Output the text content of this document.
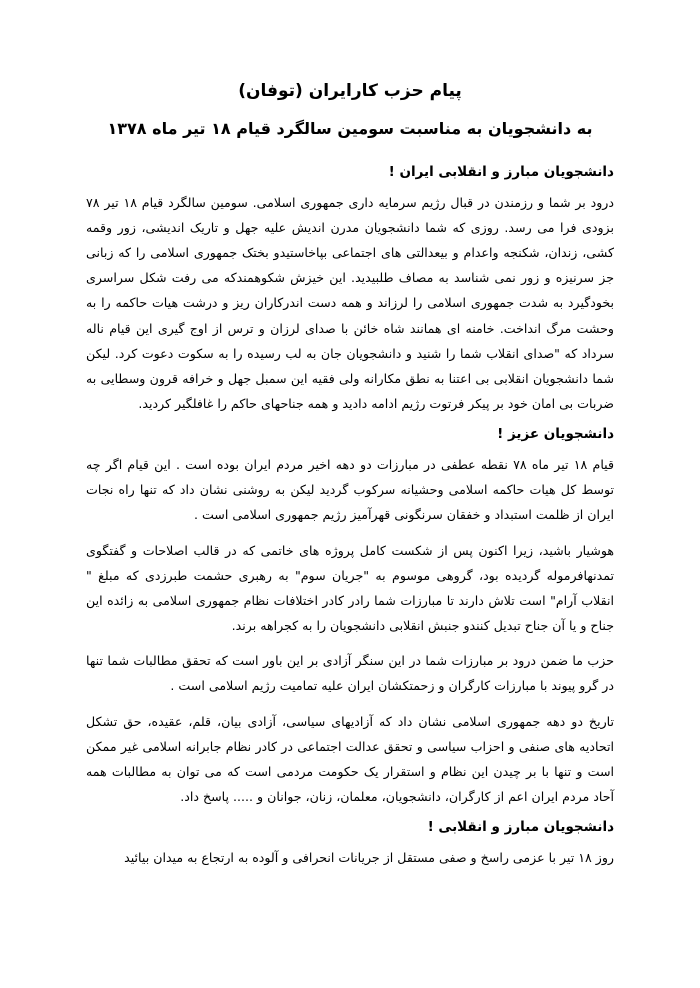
پیام حزب کارایران (توفان)
به دانشجویان به مناسبت سومین سالگرد قیام ۱۸ تیر ماه ۱۳۷۸
دانشجویان مبارز و انقلابی ایران !

درود بر شما و رزمندن در قبال رژیم سرمایه داری جمهوری اسلامی. سومین سالگرد قیام ۱۸ تیر ۷۸ بزودی فرا می رسد. روزی که شما دانشجویان مدرن اندیش علیه جهل و تاریک اندیشی، زور وقمه کشی، زندان، شکنجه واعدام و بیعدالتی های اجتماعی بپاخاستیدو بختک جمهوری اسلامی را که زبانی جز سرنیزه و زور نمی شناسد به مصاف طلبیدید. این خیزش شکوهمندکه می رفت شکل سراسری بخودگیرد به شدت جمهوری اسلامی را لرزاند و همه دست اندرکاران ریز و درشت هیات حاکمه را به وحشت مرگ انداخت. خامنه ای همانند شاه خائن با صدای لرزان و ترس از اوج گیری این قیام ناله سرداد که "صدای انقلاب شما را شنید و دانشجویان جان به لب رسیده را به سکوت دعوت کرد. لیکن شما دانشجویان انقلابی بی اعتنا به نطق مکارانه ولی فقیه این سمبل جهل و خرافه قرون وسطایی به ضربات بی امان خود بر پیکر فرتوت رژیم ادامه دادید و همه جناحهای حاکم را غافلگیر کردید.

دانشجویان عزیز !

قیام ۱۸ تیر ماه ۷۸ نقطه عطفی در مبارزات دو دهه اخیر مردم ایران بوده است . این قیام اگر چه توسط کل هیات حاکمه اسلامی وحشیانه سرکوب گردید لیکن به روشنی نشان داد که تنها راه نجات ایران از ظلمت استبداد و خفقان سرنگونی قهرآمیز رژیم جمهوری اسلامی است .

هوشیار باشید، زیرا اکنون پس از شکست کامل پروژه های خاتمی که در قالب اصلاحات و گفتگوی تمدنهافرموله گردیده بود، گروهی موسوم به "جریان سوم" به رهبری حشمت طبرزدی که مبلغ " انقلاب آرام" است تلاش دارند تا مبارزات شما رادر کادر اختلافات نظام جمهوری اسلامی به زائده این جناح و یا آن جناح تبدیل کنندو جنبش انقلابی دانشجویان را به کجراهه برند.

حزب ما ضمن درود بر مبارزات شما در این سنگر آزادی بر این باور است که تحقق مطالبات شما تنها در گرو پیوند با مبارزات کارگران و زحمتکشان ایران علیه تمامیت رژیم اسلامی است .

تاریخ دو دهه جمهوری اسلامی نشان داد که آزادیهای سیاسی، آزادی بیان، قلم، عقیده، حق تشکل اتحادیه های صنفی و احزاب سیاسی و تحقق عدالت اجتماعی در کادر نظام جابرانه اسلامی غیر ممکن است و تنها با بر چیدن این نظام و استقرار یک حکومت مردمی است که می توان به مطالبات همه آحاد مردم ایران اعم از کارگران، دانشجویان، معلمان، زنان، جوانان و ..... پاسخ داد.

دانشجویان مبارز و انقلابی !

روز ۱۸ تیر با عزمی راسخ و صفی مستقل از جریانات انحرافی و آلوده به ارتجاع به میدان بیائید
